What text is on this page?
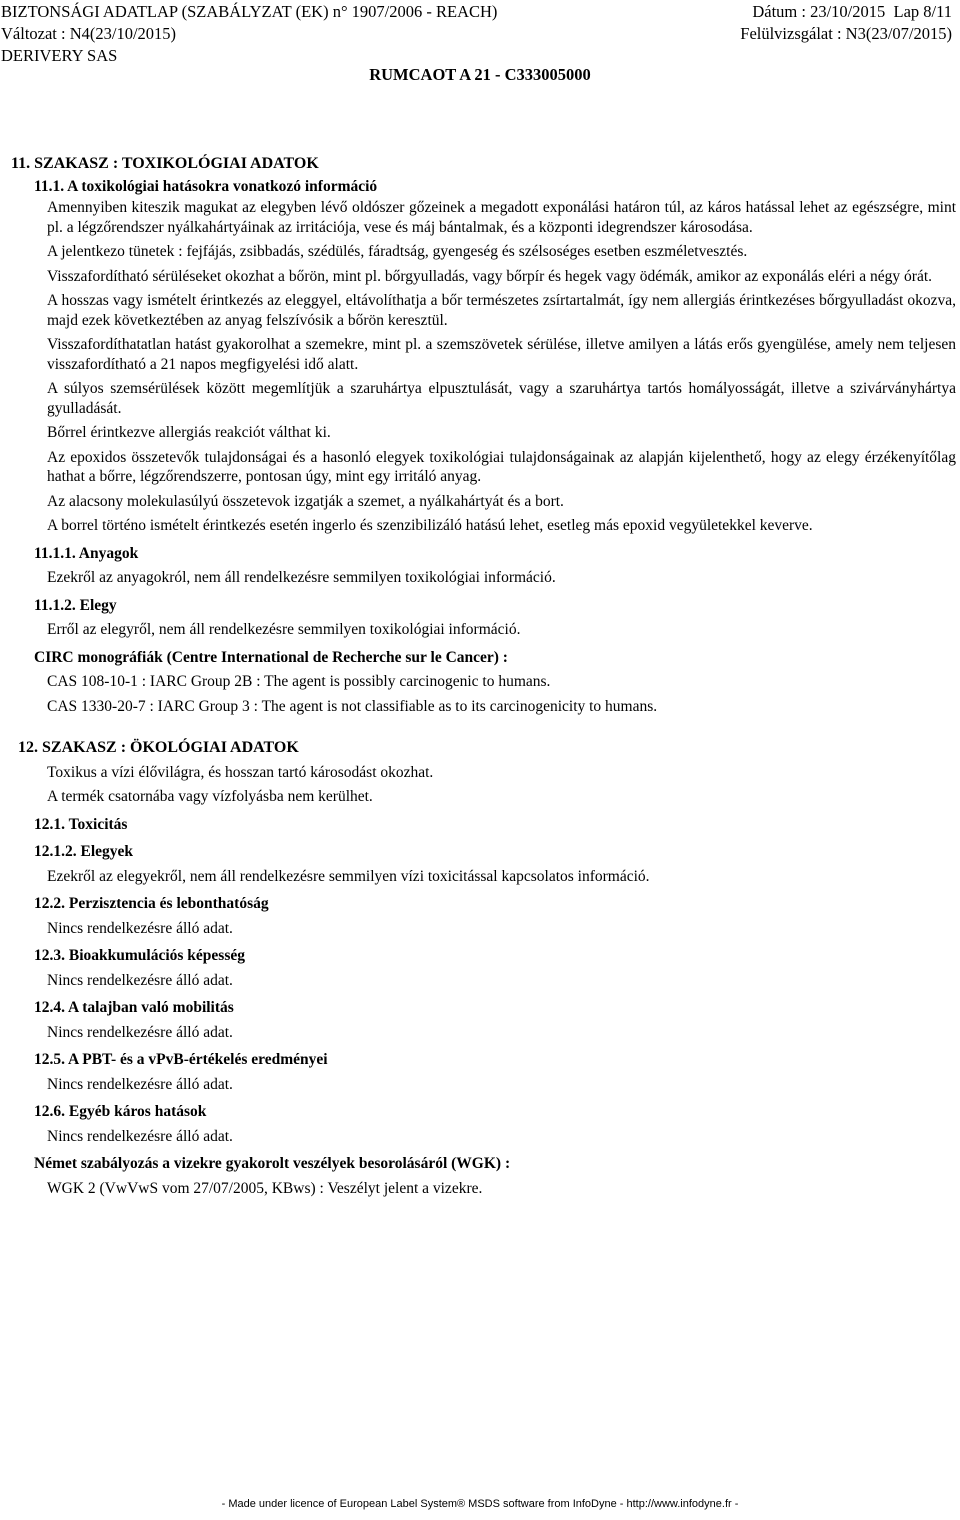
BIZTONSÁGI ADATLAP (SZABÁLYZAT (EK) n° 1907/2006 - REACH)
Változat : N4(23/10/2015)
DERIVERY SAS
Dátum : 23/10/2015 Lap 8/11
Felülvizsgálat : N3(23/07/2015)
RUMCAOT A 21 - C333005000
11. SZAKASZ : TOXIKOLÓGIAI ADATOK
11.1. A toxikológiai hatásokra vonatkozó információ
Amennyiben kiteszik magukat az elegyben lévő oldószer gőzeinek a megadott exponálási határon túl, az káros hatással lehet az egészségre, mint pl. a légzőrendszer nyálkahártyáinak az irritációja, vese és máj bántalmak, és a központi idegrendszer károsodása.
A jelentkezo tünetek : fejfájás, zsibbadás, szédülés, fáradtság, gyengeség és szélsoséges esetben eszméletvesztés.
Visszafordítható sérüléseket okozhat a bőrön, mint pl. bőrgyulladás, vagy bőrpír és hegek vagy ödémák, amikor az exponálás eléri a négy órát.
A hosszas vagy ismételt érintkezés az eleggyel, eltávolíthatja a bőr természetes zsírtartalmát, így nem allergiás érintkezéses bőrgyulladást okozva, majd ezek következtében az anyag felszívósik a bőrön keresztül.
Visszafordíthatatlan hatást gyakorolhat a szemekre, mint pl. a szemszövetek sérülése, illetve amilyen a látás erős gyengülése, amely nem teljesen visszafordítható a 21 napos megfigyelési idő alatt.
A súlyos szemsérülések között megemlítjük a szaruhártya elpusztulását, vagy a szaruhártya tartós homályosságát, illetve a szivárványhártya gyulladását.
Bőrrel érintkezve allergiás reakciót válthat ki.
Az epoxidos összetevők tulajdonságai és a hasonló elegyek toxikológiai tulajdonságainak az alapján kijelenthető, hogy az elegy érzékenyítőlag hathat a bőrre, légzőrendszerre, pontosan úgy, mint egy irritáló anyag.
Az alacsony molekulasúlyú összetevok izgatják a szemet, a nyálkahártyát és a bort.
A borrel történo ismételt érintkezés esetén ingerlo és szenzibilizáló hatású lehet, esetleg más epoxid vegyületekkel keverve.
11.1.1. Anyagok
Ezekről az anyagokról, nem áll rendelkezésre semmilyen toxikológiai információ.
11.1.2. Elegy
Erről az elegyről, nem áll rendelkezésre semmilyen toxikológiai információ.
CIRC monográfiák (Centre International de Recherche sur le Cancer) :
CAS 108-10-1 : IARC Group 2B : The agent is possibly carcinogenic to humans.
CAS 1330-20-7 : IARC Group 3 : The agent is not classifiable as to its carcinogenicity to humans.
12. SZAKASZ : ÖKOLÓGIAI ADATOK
Toxikus a vízi élővilágra, és hosszan tartó károsodást okozhat.
A termék csatornába vagy vízfolyásba nem kerülhet.
12.1. Toxicitás
12.1.2. Elegyek
Ezekről az elegyekről, nem áll rendelkezésre semmilyen vízi toxicitással kapcsolatos információ.
12.2. Perzisztencia és lebonthatóság
Nincs rendelkezésre álló adat.
12.3. Bioakkumulációs képesség
Nincs rendelkezésre álló adat.
12.4. A talajban való mobilitás
Nincs rendelkezésre álló adat.
12.5. A PBT- és a vPvB-értékelés eredményei
Nincs rendelkezésre álló adat.
12.6. Egyéb káros hatások
Nincs rendelkezésre álló adat.
Német szabályozás a vizekre gyakorolt veszélyek besorolásáról (WGK) :
WGK 2 (VwVwS vom 27/07/2005, KBws) : Veszélyt jelent a vizekre.
- Made under licence of European Label System® MSDS software from InfoDyne - http://www.infodyne.fr -
